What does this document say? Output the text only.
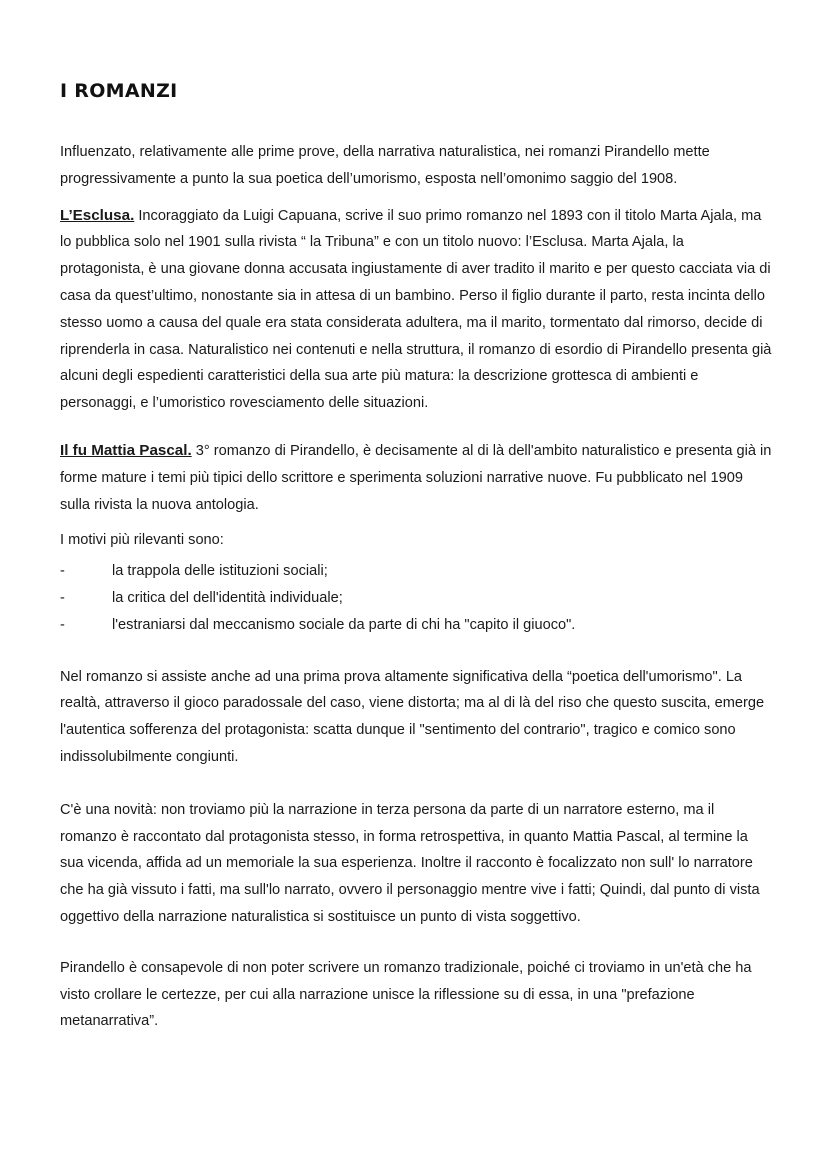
I ROMANZI

Influenzato, relativamente alle prime prove, della narrativa naturalistica, nei romanzi Pirandello mette progressivamente a punto la sua poetica dell’umorismo, esposta nell’omonimo saggio del 1908.

L’Esclusa. Incoraggiato da Luigi Capuana, scrive il suo primo romanzo nel 1893 con il titolo Marta Ajala, ma lo pubblica solo nel 1901 sulla rivista “ la Tribuna” e con un titolo nuovo: l’Esclusa. Marta Ajala, la protagonista, è una giovane donna accusata ingiustamente di aver tradito il marito e per questo cacciata via di casa da quest’ultimo, nonostante sia in attesa di un bambino. Perso il figlio durante il parto, resta incinta dello stesso uomo a causa del quale era stata considerata adultera, ma il marito, tormentato dal rimorso, decide di riprenderla in casa. Naturalistico nei contenuti e nella struttura, il romanzo di esordio di Pirandello presenta già alcuni degli espedienti caratteristici della sua arte più matura: la descrizione grottesca di ambienti e personaggi, e l’umoristico rovesciamento delle situazioni.

Il fu Mattia Pascal. 3° romanzo di Pirandello, è decisamente al di là dell'ambito naturalistico e presenta già in forme mature i temi più tipici dello scrittore e sperimenta soluzioni narrative nuove. Fu pubblicato nel 1909 sulla rivista la nuova antologia.

I motivi più rilevanti sono:

-	la trappola delle istituzioni sociali;
-	la critica del dell'identità individuale;
-	l'estraniarsi dal meccanismo sociale da parte di chi ha "capito il giuoco".

Nel romanzo si assiste anche ad una prima prova altamente significativa della “poetica dell'umorismo". La realtà, attraverso il gioco paradossale del caso, viene distorta; ma al di là del riso che questo suscita, emerge l'autentica sofferenza del protagonista: scatta dunque il "sentimento del contrario", tragico e comico sono indissolubilmente congiunti.

C'è una novità: non troviamo più la narrazione in terza persona da parte di un narratore esterno, ma il romanzo è raccontato dal protagonista stesso, in forma retrospettiva, in quanto Mattia Pascal, al termine la sua vicenda, affida ad un memoriale la sua esperienza. Inoltre il racconto è focalizzato non sull' lo narratore che ha già vissuto i fatti, ma sull'lo narrato, ovvero il personaggio mentre vive i fatti; Quindi, dal punto di vista oggettivo della narrazione naturalistica si sostituisce un punto di vista soggettivo.

Pirandello è consapevole di non poter scrivere un romanzo tradizionale, poiché ci troviamo in un'età che ha visto crollare le certezze, per cui alla narrazione unisce la riflessione su di essa, in una "prefazione metanarrativa”.
